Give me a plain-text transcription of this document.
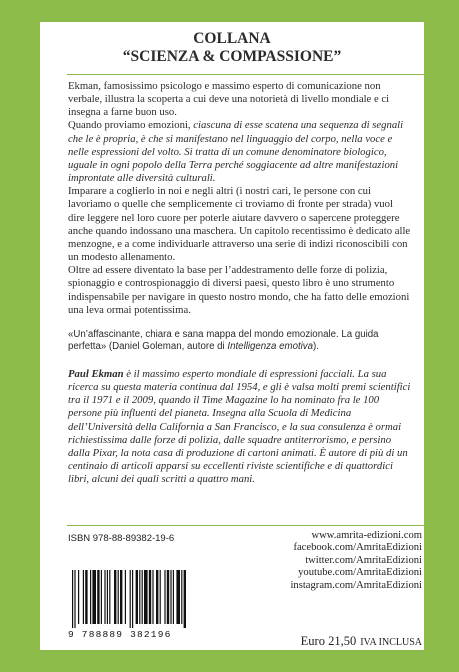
COLLANA
“SCIENZA & COMPASSIONE”

Ekman, famosissimo psicologo e massimo esperto di comunicazione non verbale, illustra la scoperta a cui deve una notorietà di livello mondiale e ci insegna a farne buon uso.

Quando proviamo emozioni, ciascuna di esse scatena una sequenza di segnali che le è propria, è che si manifestano nel linguaggio del corpo, nella voce e nelle espressioni del volto. Si tratta di un comune denominatore biologico, uguale in ogni popolo della Terra perché soggiacente ad altre manifestazioni improntate alle diversità culturali.

Imparare a coglierlo in noi e negli altri (i nostri cari, le persone con cui lavoriamo o quelle che semplicemente ci troviamo di fronte per strada) vuol dire leggere nel loro cuore per poterle aiutare davvero o sapercene proteggere anche quando indossano una maschera. Un capitolo recentissimo è dedicato alle menzogne, e a come individuarle attraverso una serie di indizi riconoscibili con un modesto allenamento.

Oltre ad essere diventato la base per l’addestramento delle forze di polizia, spionaggio e controspionaggio di diversi paesi, questo libro è uno strumento indispensabile per navigare in questo nostro mondo, che ha fatto delle emozioni una leva ormai potentissima.

«Un’affascinante, chiara e sana mappa del mondo emozionale. La guida perfetta» (Daniel Goleman, autore di Intelligenza emotiva).

Paul Ekman è il massimo esperto mondiale di espressioni facciali. La sua ricerca su questa materia continua dal 1954, e gli è valsa molti premi scientifici tra il 1971 e il 2009, quando il Time Magazine lo ha nominato fra le 100 persone più influenti del pianeta. Insegna alla Scuola di Medicina dell’Università della California a San Francisco, e la sua consulenza è ormai richiestissima dalle forze di polizia, dalle squadre antiterrorismo, e persino dalla Pixar, la nota casa di produzione di cartoni animati. È autore di più di un centinaio di articoli apparsi su eccellenti riviste scientifiche e di quattordici libri, alcuni dei quali scritti a quattro mani.

ISBN 978-88-89382-19-6
9 788889 382196
www.amrita-edizioni.com
facebook.com/AmritaEdizioni
twitter.com/AmritaEdizioni
youtube.com/AmritaEdizioni
instagram.com/AmritaEdizioni
Euro 21,50 IVA INCLUSA
